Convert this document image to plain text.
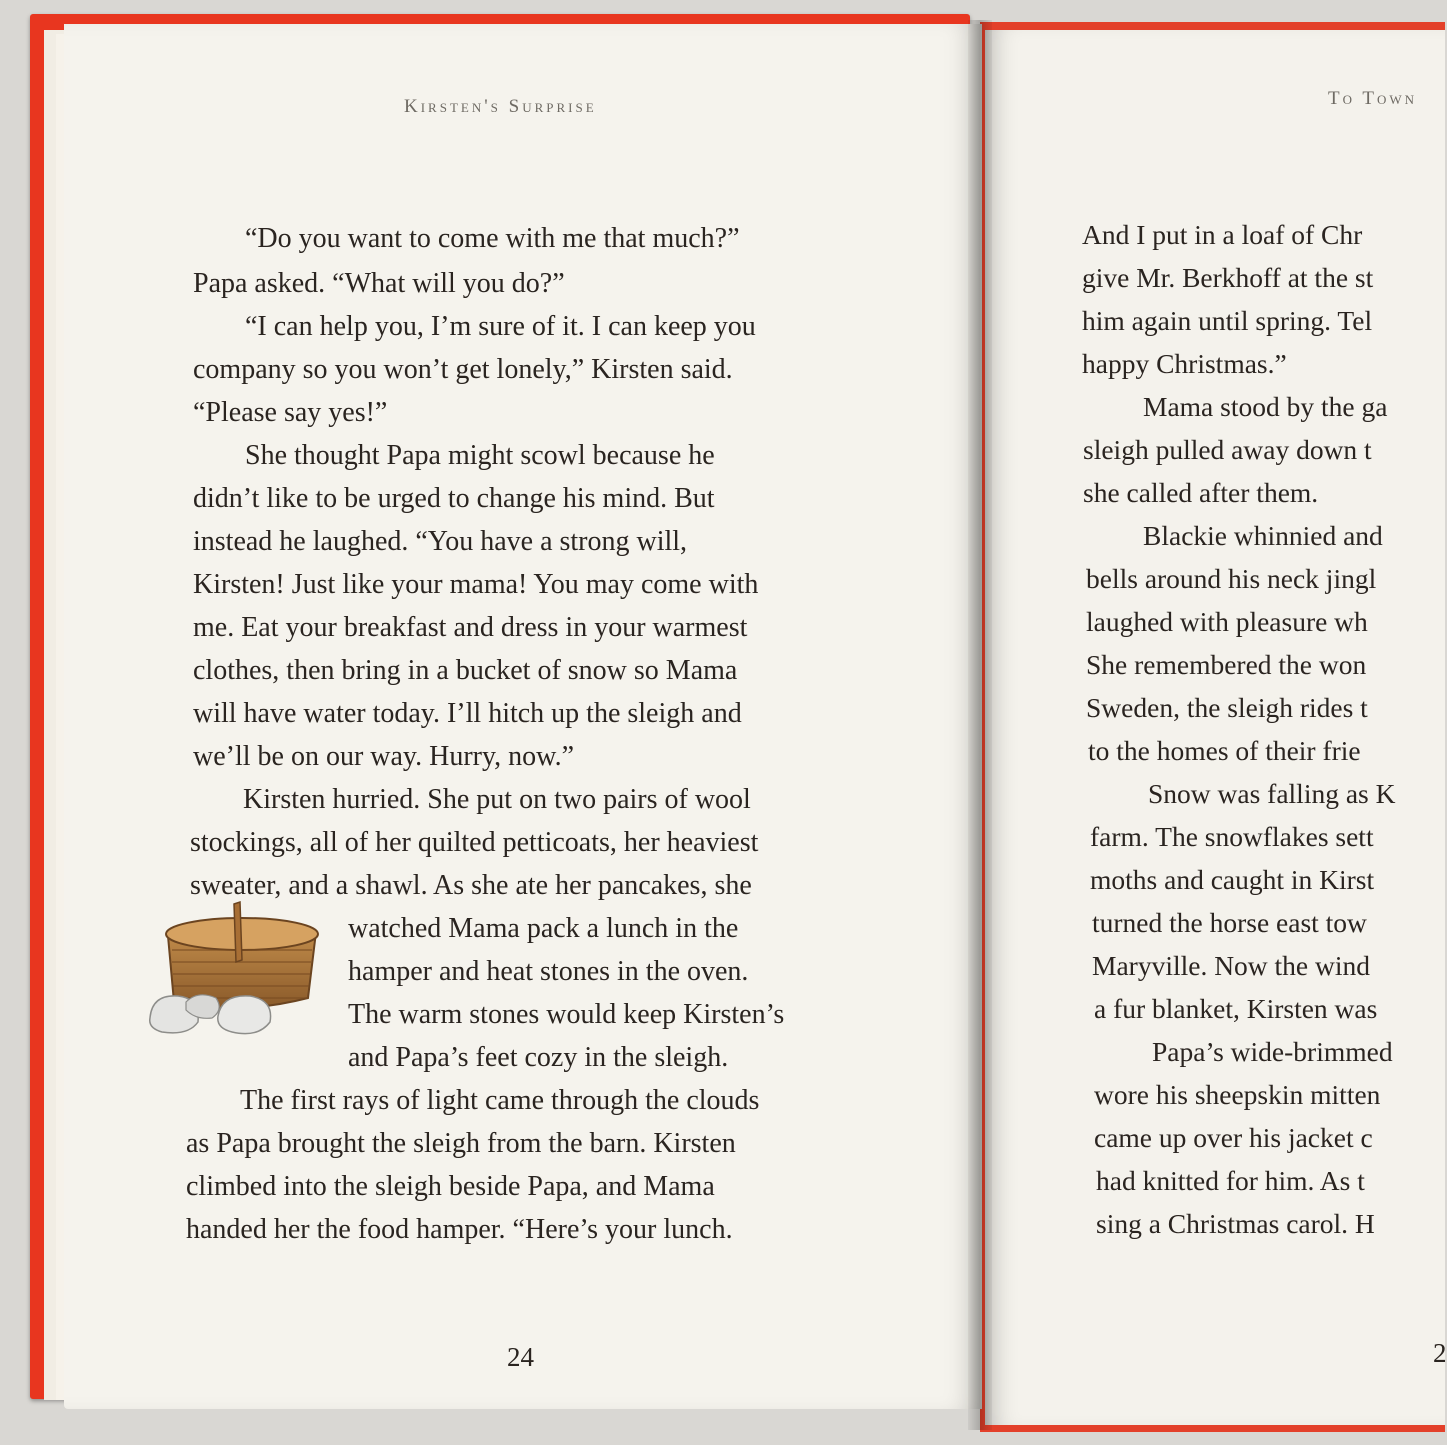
Kirsten's Surprise
24
“Do you want to come with me that much?”
Papa asked. “What will you do?”
“I can help you, I’m sure of it. I can keep you
company so you won’t get lonely,” Kirsten said.
“Please say yes!”
She thought Papa might scowl because he
didn’t like to be urged to change his mind. But
instead he laughed. “You have a strong will,
Kirsten! Just like your mama! You may come with
me. Eat your breakfast and dress in your warmest
clothes, then bring in a bucket of snow so Mama
will have water today. I’ll hitch up the sleigh and
we’ll be on our way. Hurry, now.”
Kirsten hurried. She put on two pairs of wool
stockings, all of her quilted petticoats, her heaviest
sweater, and a shawl. As she ate her pancakes, she
watched Mama pack a lunch in the
hamper and heat stones in the oven.
The warm stones would keep Kirsten’s
and Papa’s feet cozy in the sleigh.
The first rays of light came through the clouds
as Papa brought the sleigh from the barn. Kirsten
climbed into the sleigh beside Papa, and Mama
handed her the food hamper. “Here’s your lunch.
To Town
2
And I put in a loaf of Chr
give Mr. Berkhoff at the st
him again until spring. Tel
happy Christmas.”
Mama stood by the ga
sleigh pulled away down t
she called after them.
Blackie whinnied and
bells around his neck jingl
laughed with pleasure wh
She remembered the won
Sweden, the sleigh rides t
to the homes of their frie
Snow was falling as K
farm. The snowflakes sett
moths and caught in Kirst
turned the horse east tow
Maryville. Now the wind
a fur blanket, Kirsten was
Papa’s wide-brimmed
wore his sheepskin mitten
came up over his jacket c
had knitted for him. As t
sing a Christmas carol. H
